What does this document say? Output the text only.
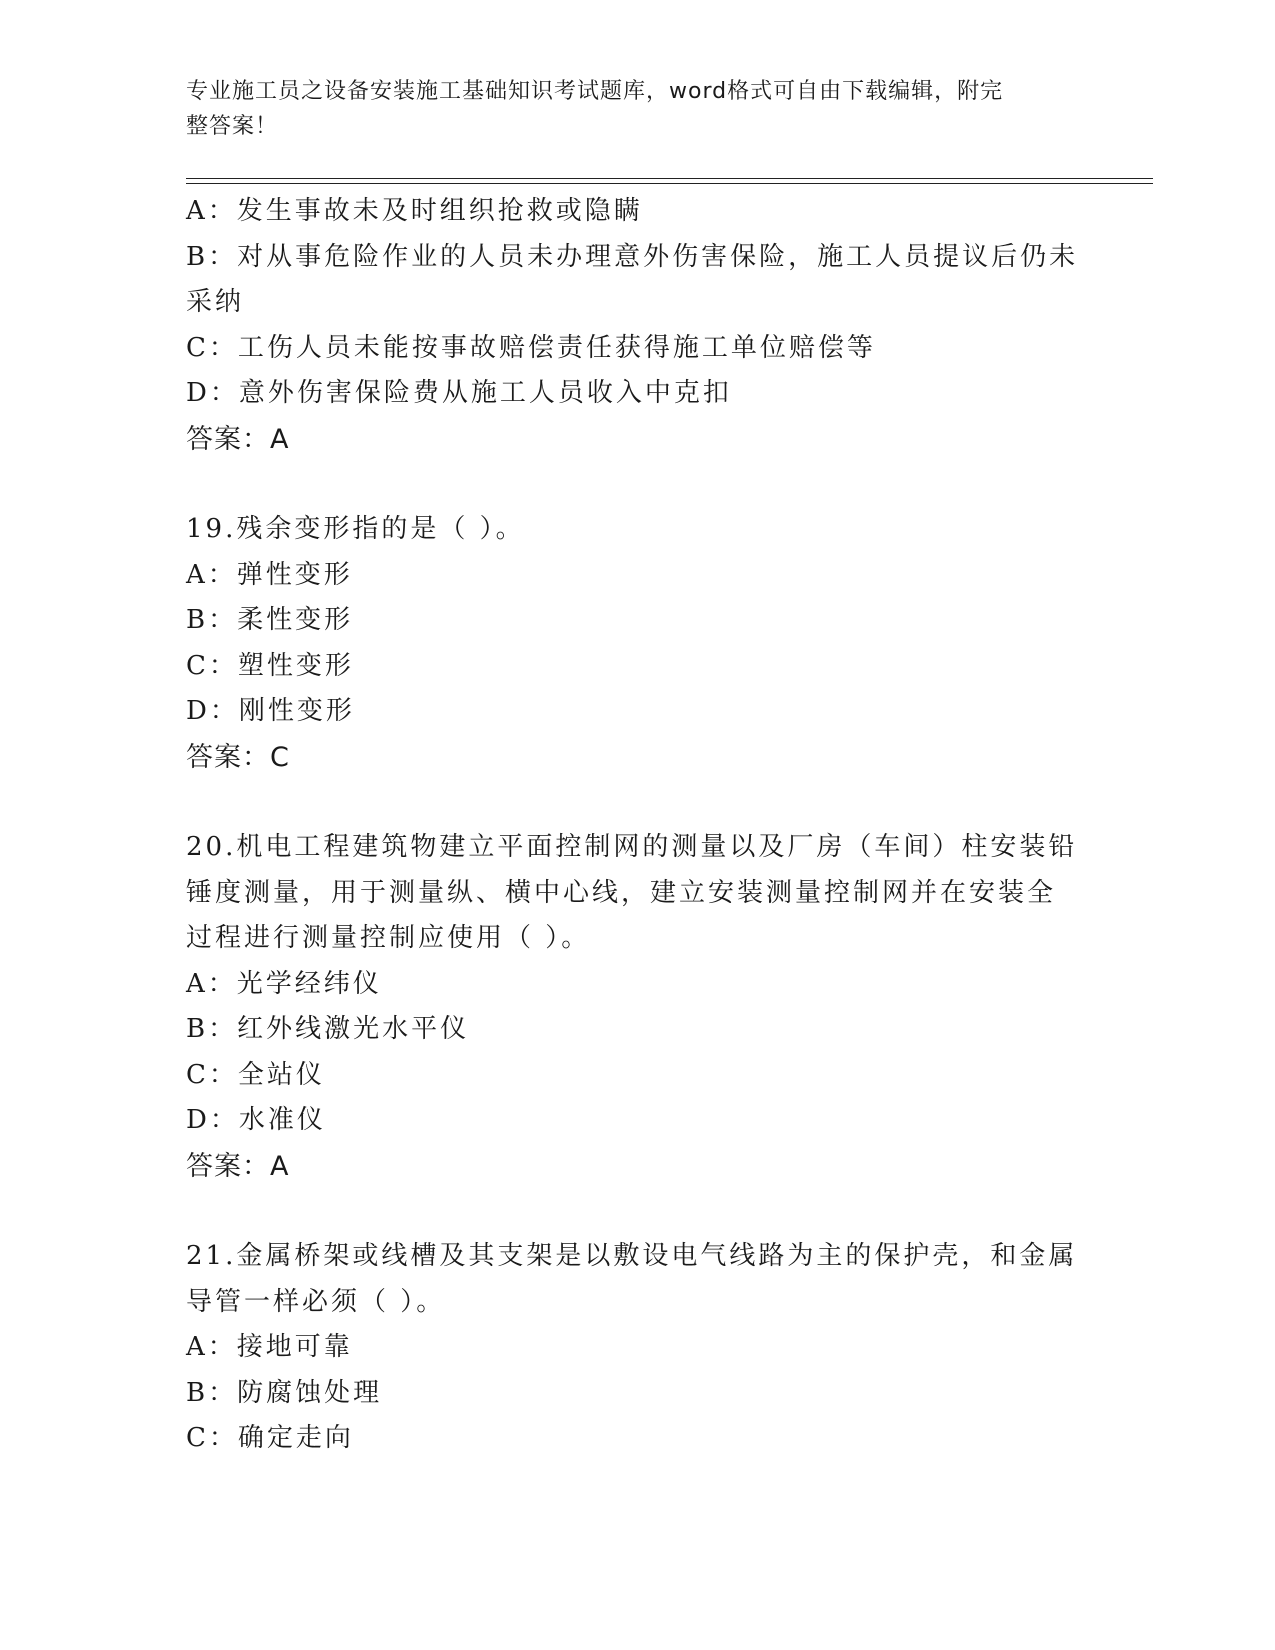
专业施工员之设备安装施工基础知识考试题库，word格式可自由下载编辑，附完
整答案！
A：发生事故未及时组织抢救或隐瞒
B：对从事危险作业的人员未办理意外伤害保险，施工人员提议后仍未
采纳
C：工伤人员未能按事故赔偿责任获得施工单位赔偿等
D：意外伤害保险费从施工人员收入中克扣
答案：A
19.残余变形指的是（ ）。
A：弹性变形
B：柔性变形
C：塑性变形
D：刚性变形
答案：C
20.机电工程建筑物建立平面控制网的测量以及厂房（车间）柱安装铅
锤度测量，用于测量纵、横中心线，建立安装测量控制网并在安装全
过程进行测量控制应使用（ ）。
A：光学经纬仪
B：红外线激光水平仪
C：全站仪
D：水准仪
答案：A
21.金属桥架或线槽及其支架是以敷设电气线路为主的保护壳，和金属
导管一样必须（ ）。
A：接地可靠
B：防腐蚀处理
C：确定走向
